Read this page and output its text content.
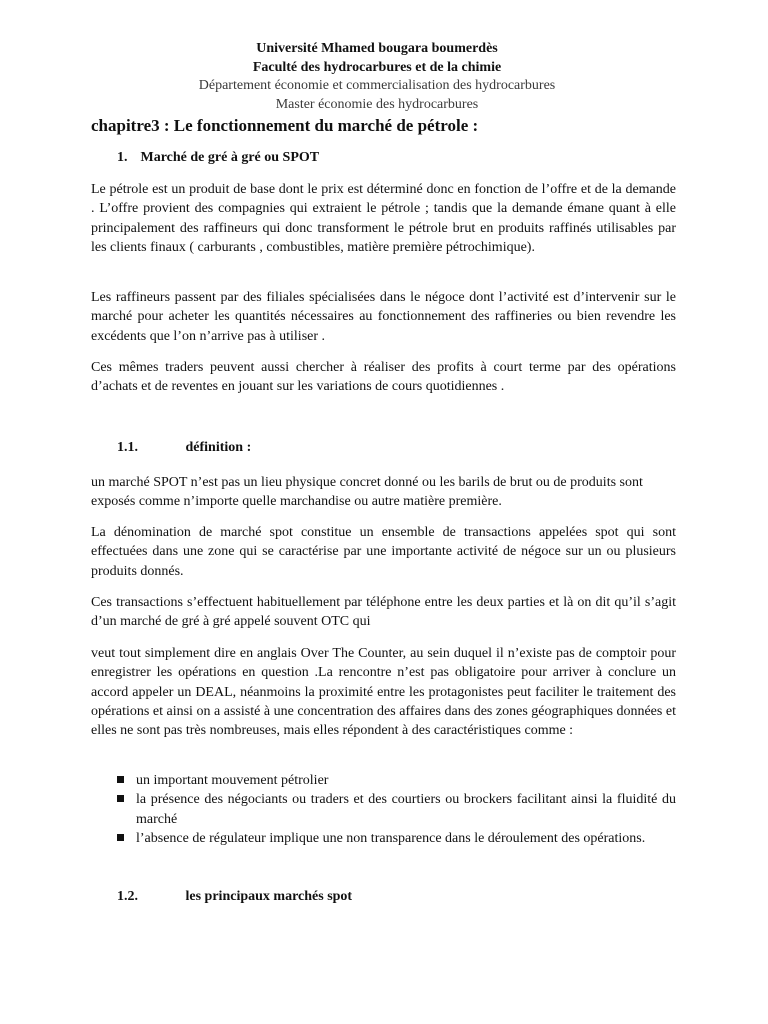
Université Mhamed bougara boumerdès
Faculté des hydrocarbures et de la chimie
Département économie et commercialisation des hydrocarbures
Master économie des hydrocarbures
chapitre3 : Le fonctionnement du marché de pétrole :
1. Marché de gré à gré ou SPOT

Le pétrole est un produit de base dont le prix est déterminé donc en fonction de l’offre et de la demande . L’offre provient des compagnies qui extraient le pétrole ; tandis que la demande émane quant à elle principalement des raffineurs qui donc transforment le pétrole brut en produits raffinés utilisables par les clients finaux ( carburants , combustibles, matière première pétrochimique).

Les raffineurs passent par des filiales spécialisées dans le négoce dont l’activité est d’intervenir sur le marché pour acheter les quantités nécessaires au fonctionnement des raffineries ou bien revendre les excédents que l’on n’arrive pas à utiliser .

Ces mêmes traders peuvent aussi chercher à réaliser des profits à court terme par des opérations d’achats et de reventes en jouant sur les variations de cours quotidiennes .

1.1.	définition :

un marché SPOT n’est pas un lieu physique concret donné ou les barils de brut ou de produits sont exposés comme n’importe quelle marchandise ou autre matière première.

La dénomination de marché spot constitue un ensemble de transactions appelées spot qui sont effectuées dans une zone qui se caractérise par une importante activité de négoce sur un ou plusieurs produits donnés.

Ces transactions s’effectuent habituellement par téléphone entre les deux parties et là on dit qu’il s’agit d’un marché de gré à gré appelé souvent OTC qui

veut tout simplement dire en anglais Over The Counter, au sein duquel il n’existe pas de comptoir pour enregistrer les opérations en question .La rencontre n’est pas obligatoire pour arriver à conclure un accord appeler un DEAL, néanmoins la proximité entre les protagonistes peut faciliter le traitement des opérations et ainsi on a assisté à une concentration des affaires dans des zones géographiques données et elles ne sont pas très nombreuses, mais elles répondent à des caractéristiques comme :

un important mouvement pétrolier
la présence des négociants ou traders et des courtiers ou brockers facilitant ainsi la fluidité du marché
l’absence de régulateur implique une non transparence dans le déroulement des opérations.
1.2.	les principaux marchés spot
